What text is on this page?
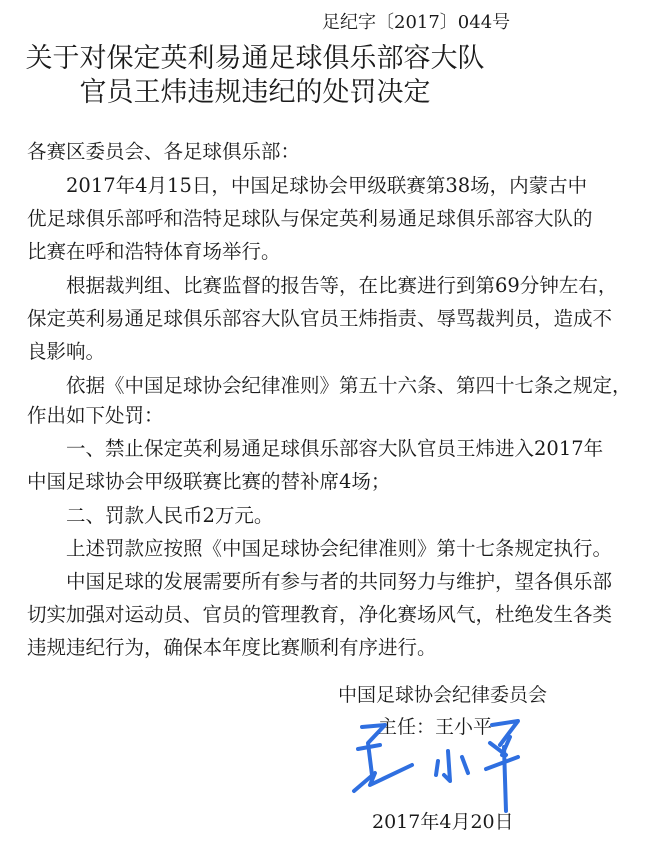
足纪字〔2017〕044号
关于对保定英利易通足球俱乐部容大队
官员王炜违规违纪的处罚决定
各赛区委员会、各足球俱乐部：
　　2017年4月15日，中国足球协会甲级联赛第38场，内蒙古中
优足球俱乐部呼和浩特足球队与保定英利易通足球俱乐部容大队的
比赛在呼和浩特体育场举行。
　　根据裁判组、比赛监督的报告等，在比赛进行到第69分钟左右，
保定英利易通足球俱乐部容大队官员王炜指责、辱骂裁判员，造成不
良影响。
　　依据《中国足球协会纪律准则》第五十六条、第四十七条之规定，
作出如下处罚：
　　一、禁止保定英利易通足球俱乐部容大队官员王炜进入2017年
中国足球协会甲级联赛比赛的替补席4场；
　　二、罚款人民币2万元。
　　上述罚款应按照《中国足球协会纪律准则》第十七条规定执行。
　　中国足球的发展需要所有参与者的共同努力与维护，望各俱乐部
切实加强对运动员、官员的管理教育，净化赛场风气，杜绝发生各类
违规违纪行为，确保本年度比赛顺利有序进行。
中国足球协会纪律委员会
主任：王小平
2017年4月20日
